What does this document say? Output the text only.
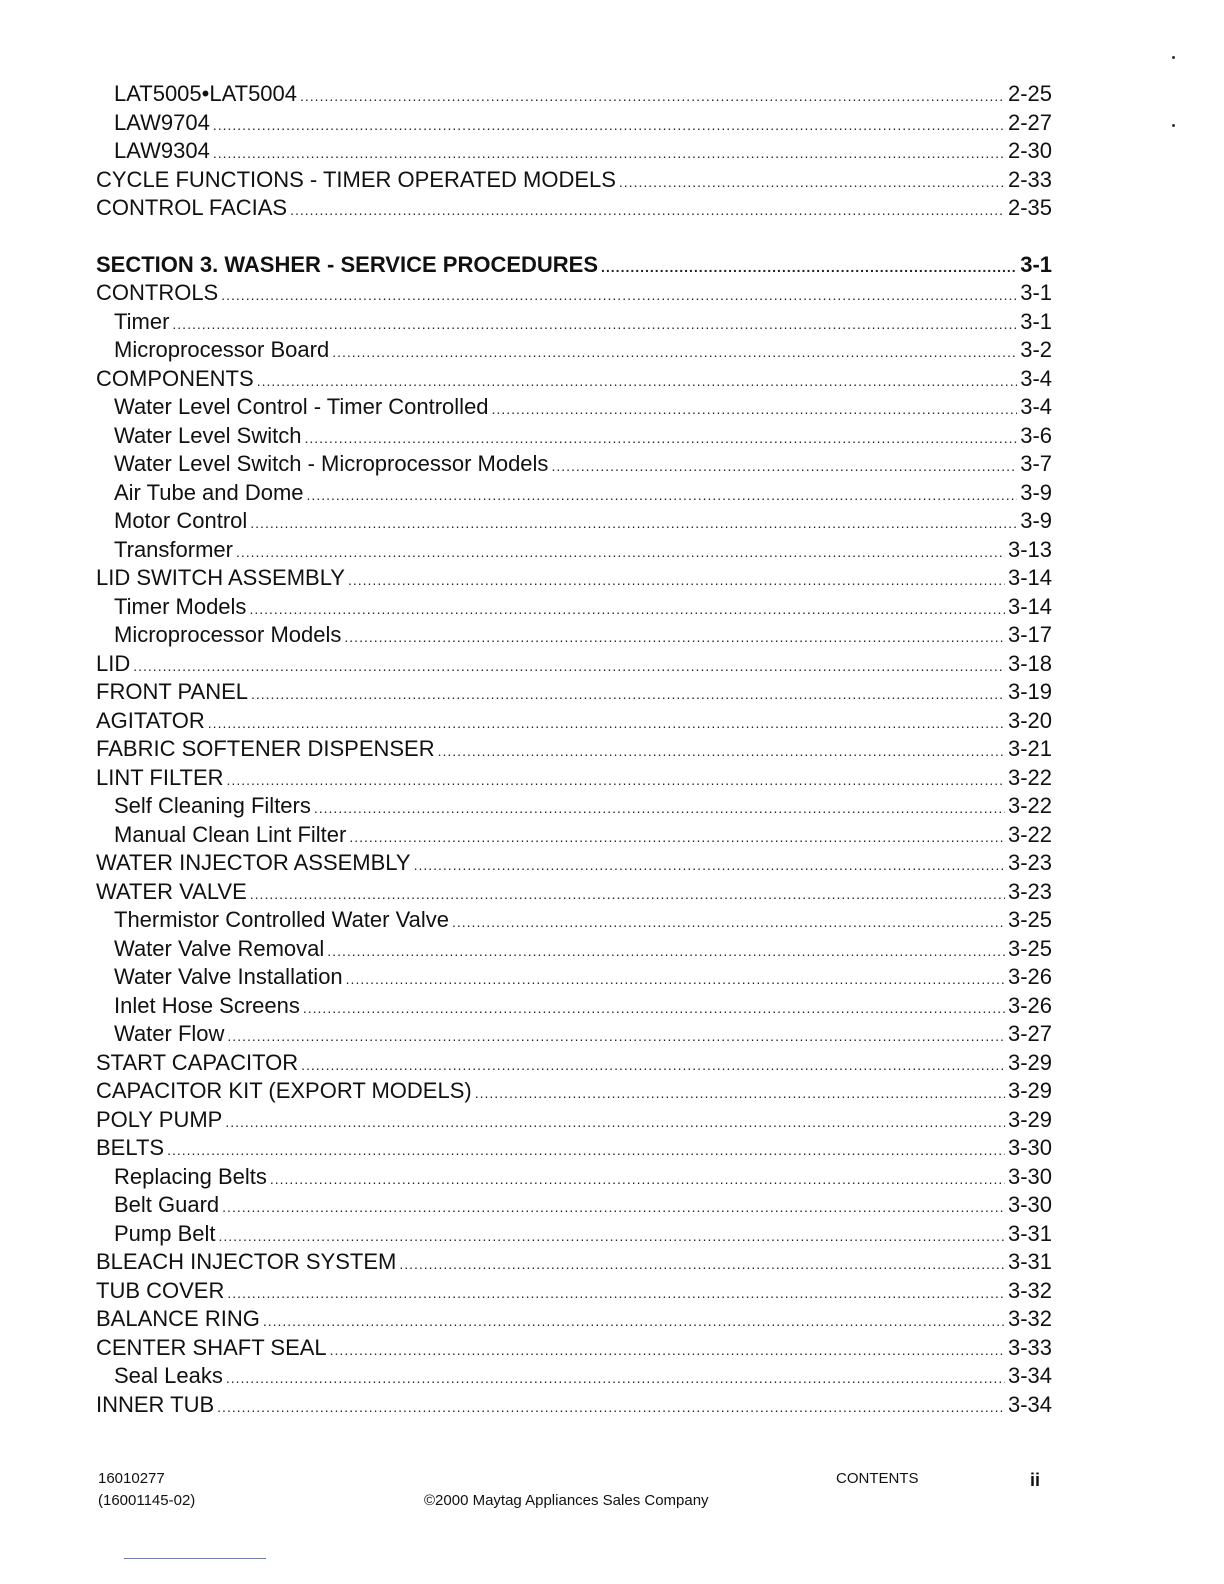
LAT5005•LAT5004 .....	2-25
LAW9704 .....	2-27
LAW9304 .....	2-30
CYCLE FUNCTIONS - TIMER OPERATED MODELS .....	2-33
CONTROL FACIAS .....	2-35
SECTION 3. WASHER - SERVICE PROCEDURES .....	3-1
CONTROLS .....	3-1
Timer .....	3-1
Microprocessor Board .....	3-2
COMPONENTS .....	3-4
Water Level Control - Timer Controlled .....	3-4
Water Level Switch .....	3-6
Water Level Switch - Microprocessor Models .....	3-7
Air Tube and Dome .....	3-9
Motor Control .....	3-9
Transformer .....	3-13
LID SWITCH ASSEMBLY .....	3-14
Timer Models .....	3-14
Microprocessor Models .....	3-17
LID .....	3-18
FRONT PANEL .....	3-19
AGITATOR .....	3-20
FABRIC SOFTENER DISPENSER .....	3-21
LINT FILTER .....	3-22
Self Cleaning Filters .....	3-22
Manual Clean Lint Filter .....	3-22
WATER INJECTOR ASSEMBLY .....	3-23
WATER VALVE .....	3-23
Thermistor Controlled Water Valve .....	3-25
Water Valve Removal .....	3-25
Water Valve Installation .....	3-26
Inlet Hose Screens .....	3-26
Water Flow .....	3-27
START CAPACITOR .....	3-29
CAPACITOR KIT (EXPORT MODELS) .....	3-29
POLY PUMP .....	3-29
BELTS .....	3-30
Replacing Belts .....	3-30
Belt Guard .....	3-30
Pump Belt .....	3-31
BLEACH INJECTOR SYSTEM .....	3-31
TUB COVER .....	3-32
BALANCE RING .....	3-32
CENTER SHAFT SEAL .....	3-33
Seal Leaks .....	3-34
INNER TUB .....	3-34
16010277
(16001145-02)	©2000 Maytag Appliances Sales Company
CONTENTS	ii
